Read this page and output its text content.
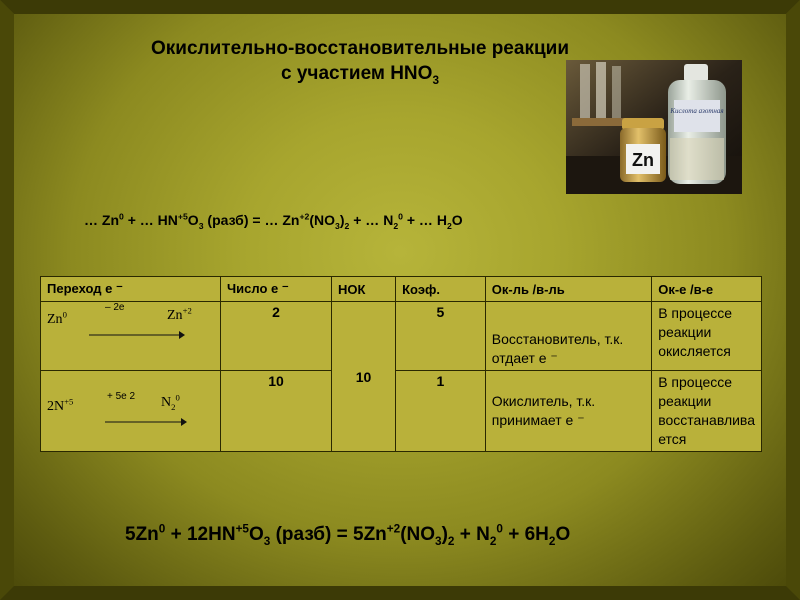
Окислительно-восстановительные реакции

с участием $HNO_3$
Zn
Кислота азотная
… $Zn^0$ + … $HN^{+5}O_3$ (разб) = … $Zn^{+2}(NO_3)_2$ + … $N_2^0$ + … $H_2O$
Переход е ⁻	Число е ⁻	НОК	Коэф.	Ок-ль /в-ль	Ок-е /в-е

Zn$^0$
– 2e
$Zn^{+2}$	2	10	5	Восстановитель, т.к. отдает е ⁻	В процессе реакции окисляется

$2N^{+5} + 5e$ 2 $N_2^0$	10		1	Окислитель, т.к. принимает е ⁻	В процессе реакции восстанавлива ется
$5Zn^0 + 12HN^{+5}O_3$ (разб) = $5Zn^{+2}(NO_3)_2 + N_2^0 + 6H_2O$
